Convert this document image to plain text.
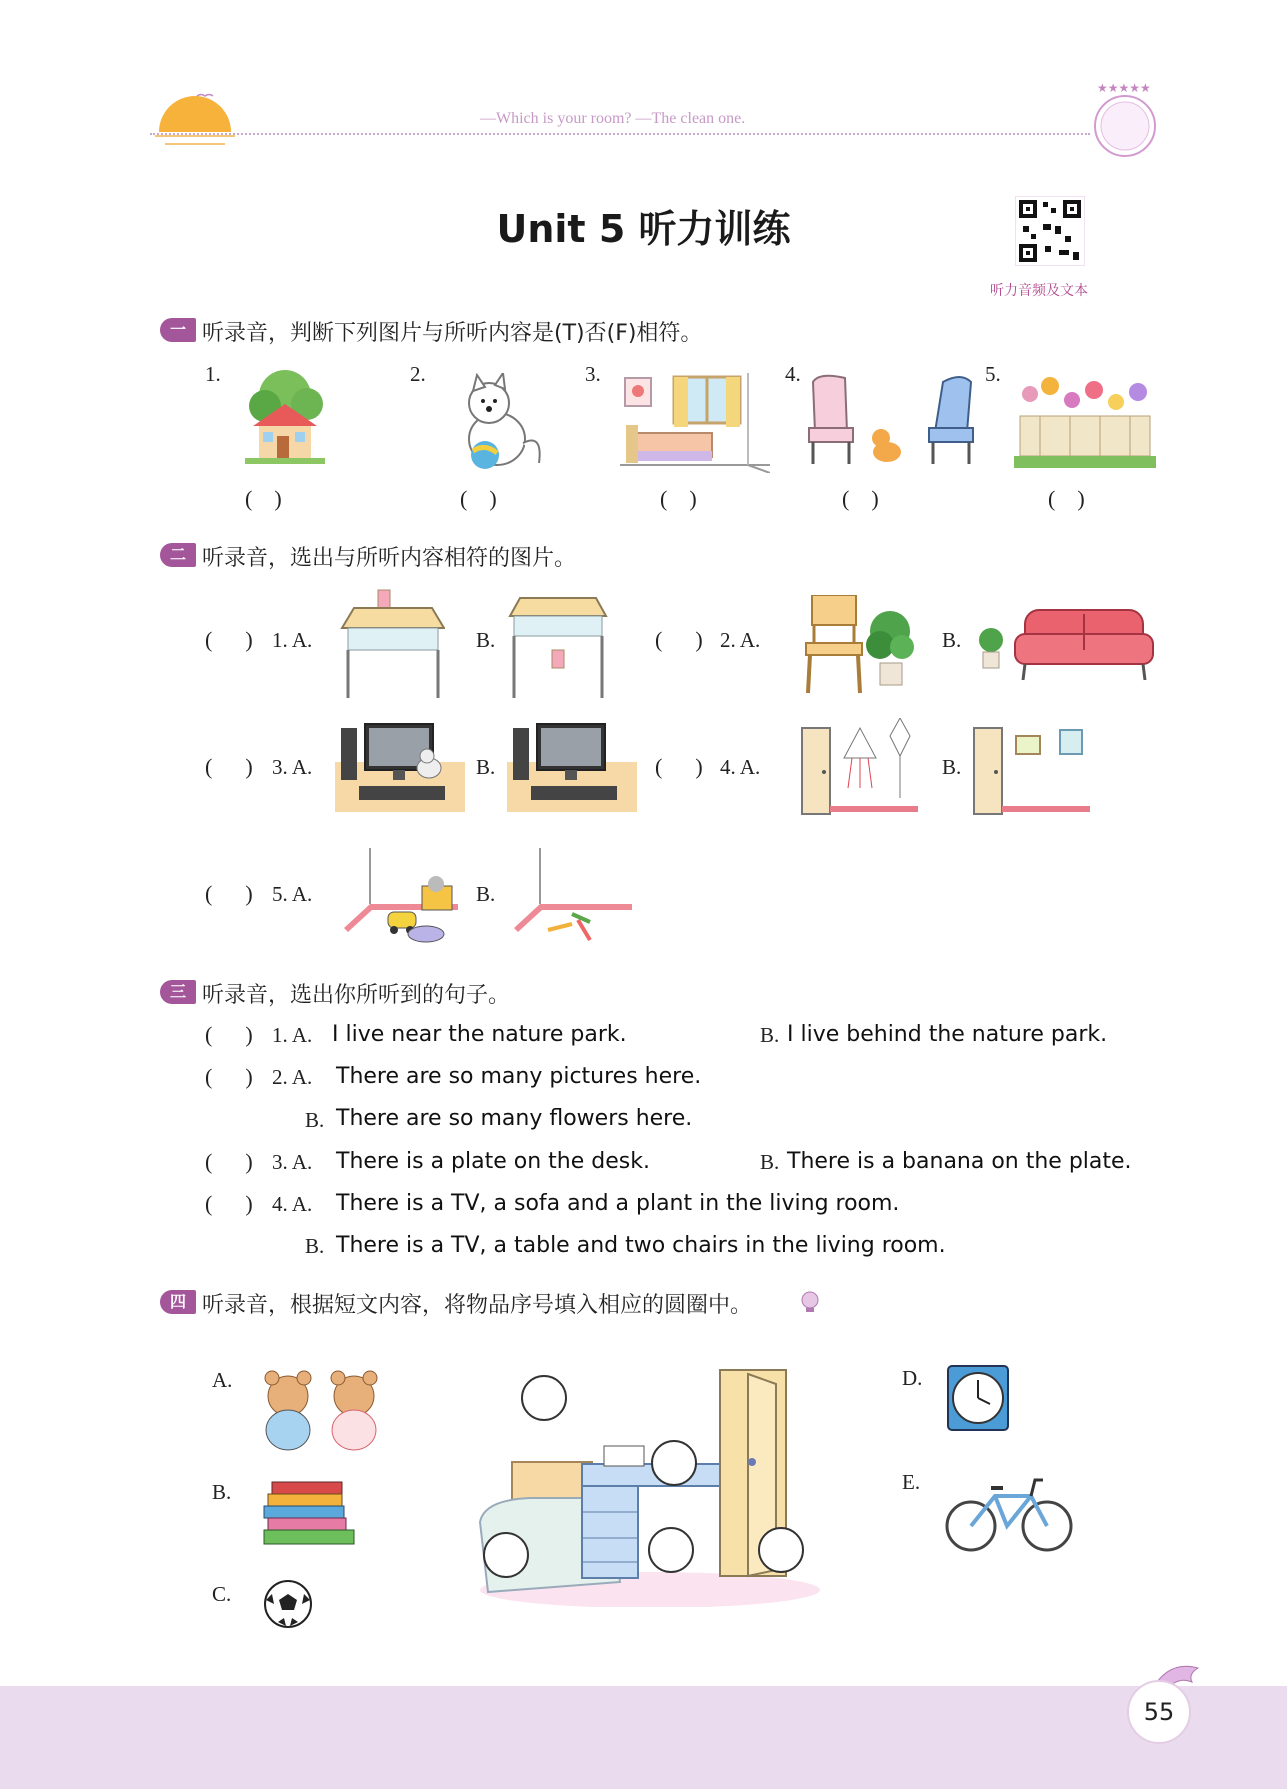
—Which is your room? —The clean one.
★★★★★
Unit 5 听力训练
听力音频及文本
一 听录音，判断下列图片与所听内容是(T)否(F)相符。
1.
(    )
2.
(    )
3.
(    )
4.
(    )
5.
(    )
二 听录音，选出与所听内容相符的图片。
(      ) 1. A.	B.	(      ) 2. A.	B.
(      ) 3. A.	B.	(      ) 4. A.	B.
(      ) 5. A.	B.
三 听录音，选出你所听到的句子。
(      ) 1. A. I live near the nature park.	B. I live behind the nature park.
(      ) 2. A. There are so many pictures here.
B. There are so many flowers here.
(      ) 3. A. There is a plate on the desk.	B. There is a banana on the plate.
(      ) 4. A. There is a TV, a sofa and a plant in the living room.
B. There is a TV, a table and two chairs in the living room.
四 听录音，根据短文内容，将物品序号填入相应的圆圈中。
A.
B.
C.
D.
E.
55
